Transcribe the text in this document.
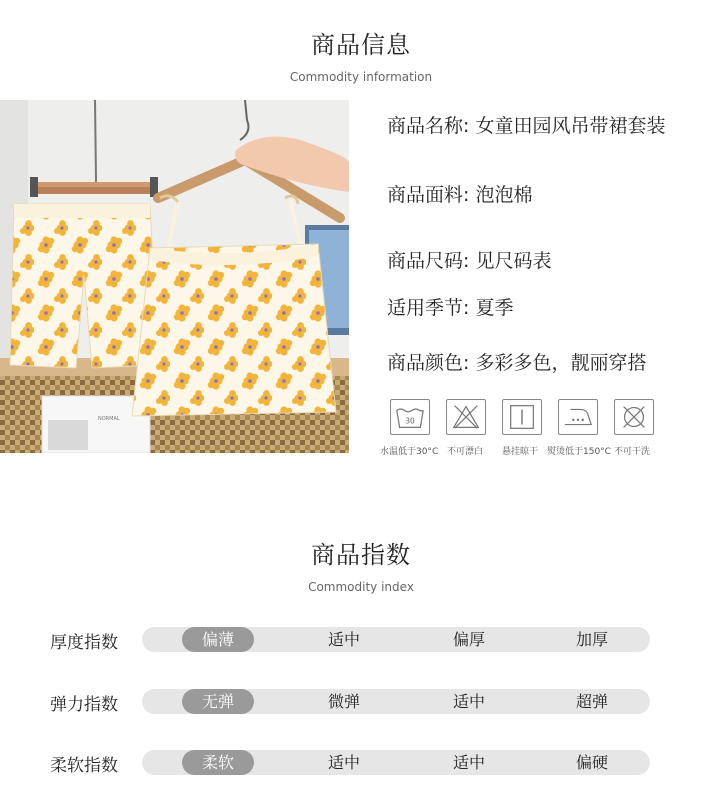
商品信息
Commodity information
NORMAL
商品名称: 女童田园风吊带裙套装
商品面料: 泡泡棉
商品尺码: 见尺码表
适用季节: 夏季
商品颜色: 多彩多色，靓丽穿搭
30
水温低于30°C 不可漂白 悬挂晾干 熨烫低于150°C 不可干洗
商品指数
Commodity index
厚度指数	偏薄	适中	偏厚	加厚
弹力指数	无弹	微弹	适中	超弹
柔软指数	柔软	适中	适中	偏硬
